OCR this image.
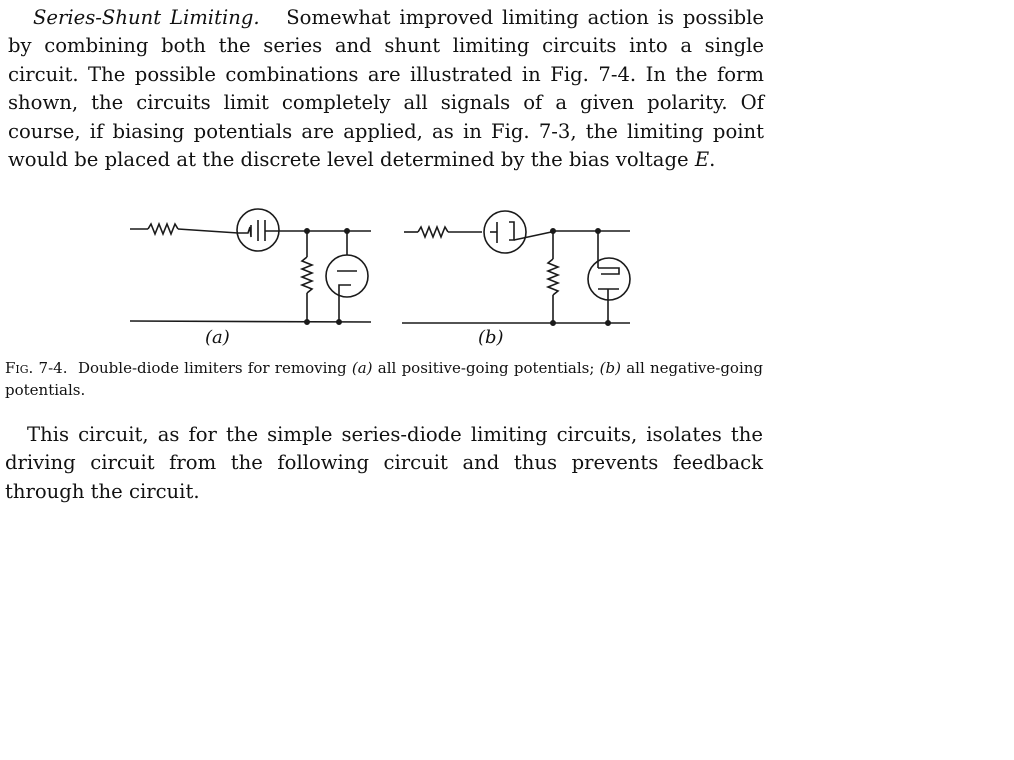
Series-Shunt Limiting. Somewhat improved limiting action is possible by combining both the series and shunt limiting circuits into a single circuit. The possible combinations are illustrated in Fig. 7-4. In the form shown, the circuits limit completely all signals of a given polarity. Of course, if biasing potentials are applied, as in Fig. 7-3, the limiting point would be placed at the discrete level determined by the bias voltage E.

(a)	(b)

Fig. 7-4. Double-diode limiters for removing (a) all positive-going potentials; (b) all negative-going potentials.

This circuit, as for the simple series-diode limiting circuits, isolates the driving circuit from the following circuit and thus prevents feedback through the circuit.
